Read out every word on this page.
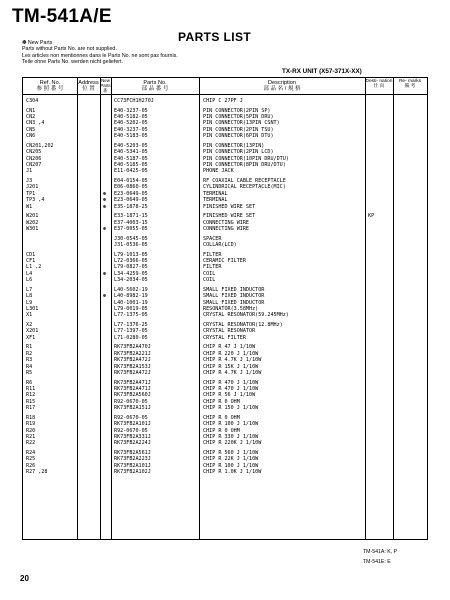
TM-541A/E
PARTS LIST
✽ New Parts
Parts without Parts No. are not supplied.
Les articles non mentionnes dans le Parts No. ne sont pas fournis.
Teile ohne Parts No. werden nicht geliefert.
TX-RX UNIT (X57-371X-XX)
Ref. No.
参 照 番 号
Address
位 置
New Parts
新
Parts No.
部 品 番 号
Description
部 品 名 / 規 格
Desti- nation
仕 向
Re- marks
備 考
C304	CC73FCH1H270J	CHIP C 27PF J
CN1	E40-3237-05	PIN CONNECTOR(2PIN SP)
CN2	E40-5182-05	PIN CONNECTOR(5PIN DRU)
CN3 ,4	E40-5202-05	PIN CONNECTOR(13PIN CSNT)
CN5	E40-3237-05	PIN CONNECTOR(2PIN TSU)
CN6	E40-5183-05	PIN CONNECTOR(6PIN DTU)
CN201,202	E40-5203-05	PIN CONNECTOR(13PIN)
CN205	E40-5341-05	PIN CONNECTOR(2PIN LCD)
CN206	E40-5187-05	PIN CONNECTOR(10PIN DRU/DTU)
CN207	E40-5185-05	PIN CONNECTOR(8PIN DRU/DTU)
J1	E11-0425-05	PHONE JACK
J3	E04-0154-05	RF COAXIAL CABLE RECEPTACLE
J201	E06-0860-05	CYLINDRICAL RECEPTACLE(MIC)
TP1	✽ E23-0649-05	TERMINAL
TP3 ,4	✽ E23-0649-05	TERMINAL
W1	✽ E35-1878-25	FINISHED WIRE SET
W201	E33-1871-15	FINISHED WIRE SET	KP
W202	E37-4003-15	CONNECTING WIRE
W301	✽ E37-0055-05	CONNECTING WIRE
J30-0545-05	SPACER
J31-0536-05	COLLAR(LCD)
CD1	L79-1013-05	FILTER
CF1	L72-0366-05	CERAMIC FILTER
L1 ,2	L79-0827-05	FILTER
L4	✽ L34-4259-05	COIL
L6	L34-2034-05	COIL
L7	L40-5602-19	SMALL FIXED INDUCTOR
L8	✽ L40-8982-19	SMALL FIXED INDUCTOR
L9	L40-1001-19	SMALL FIXED INDUCTOR
L301	L79-0019-05	RESONATOR(3.58MHz)
X1	L77-1375-05	CRYSTAL RESONATOR(59.245MHz)
X2	L77-1376-25	CRYSTAL RESONATOR(12.8MHz)
X201	L77-1397-05	CRYSTAL RESONATOR
XF1	L71-0280-05	CRYSTAL FILTER
R1	RK73FB2A470J	CHIP R 47 J 1/10W
R2	RK73FB2A221J	CHIP R 220 J 1/10W
R3	RK73FB2A472J	CHIP R 4.7K J 1/10W
R4	RK73FB2A153J	CHIP R 15K J 1/10W
R5	RK73FB2A472J	CHIP R 4.7K J 1/10W
R6	RK73FB2A471J	CHIP R 470 J 1/10W
R11	RK73FB2A471J	CHIP R 470 J 1/10W
R12	RK73FB2A560J	CHIP R 56 J 1/10W
R15	R92-0670-05	CHIP R 0 OHM
R17	RK73FB2A151J	CHIP R 150 J 1/10W
R18	R92-0670-05	CHIP R 0 OHM
R19	RK73FB2A101J	CHIP R 100 J 1/10W
R20	R92-0670-05	CHIP R 0 OHM
R21	RK73FB2A331J	CHIP R 330 J 1/10W
R22	RK73FB2A224J	CHIP R 220K J 1/10W
R24	RK73FB2A561J	CHIP R 560 J 1/10W
R25	RK73FB2A223J	CHIP R 22K J 1/10W
R26	RK73FB2A101J	CHIP R 100 J 1/10W
R27 ,28	RK73FB2A102J	CHIP R 1.0K J 1/10W
TM-541A: K, P
TM-541E: E
20
